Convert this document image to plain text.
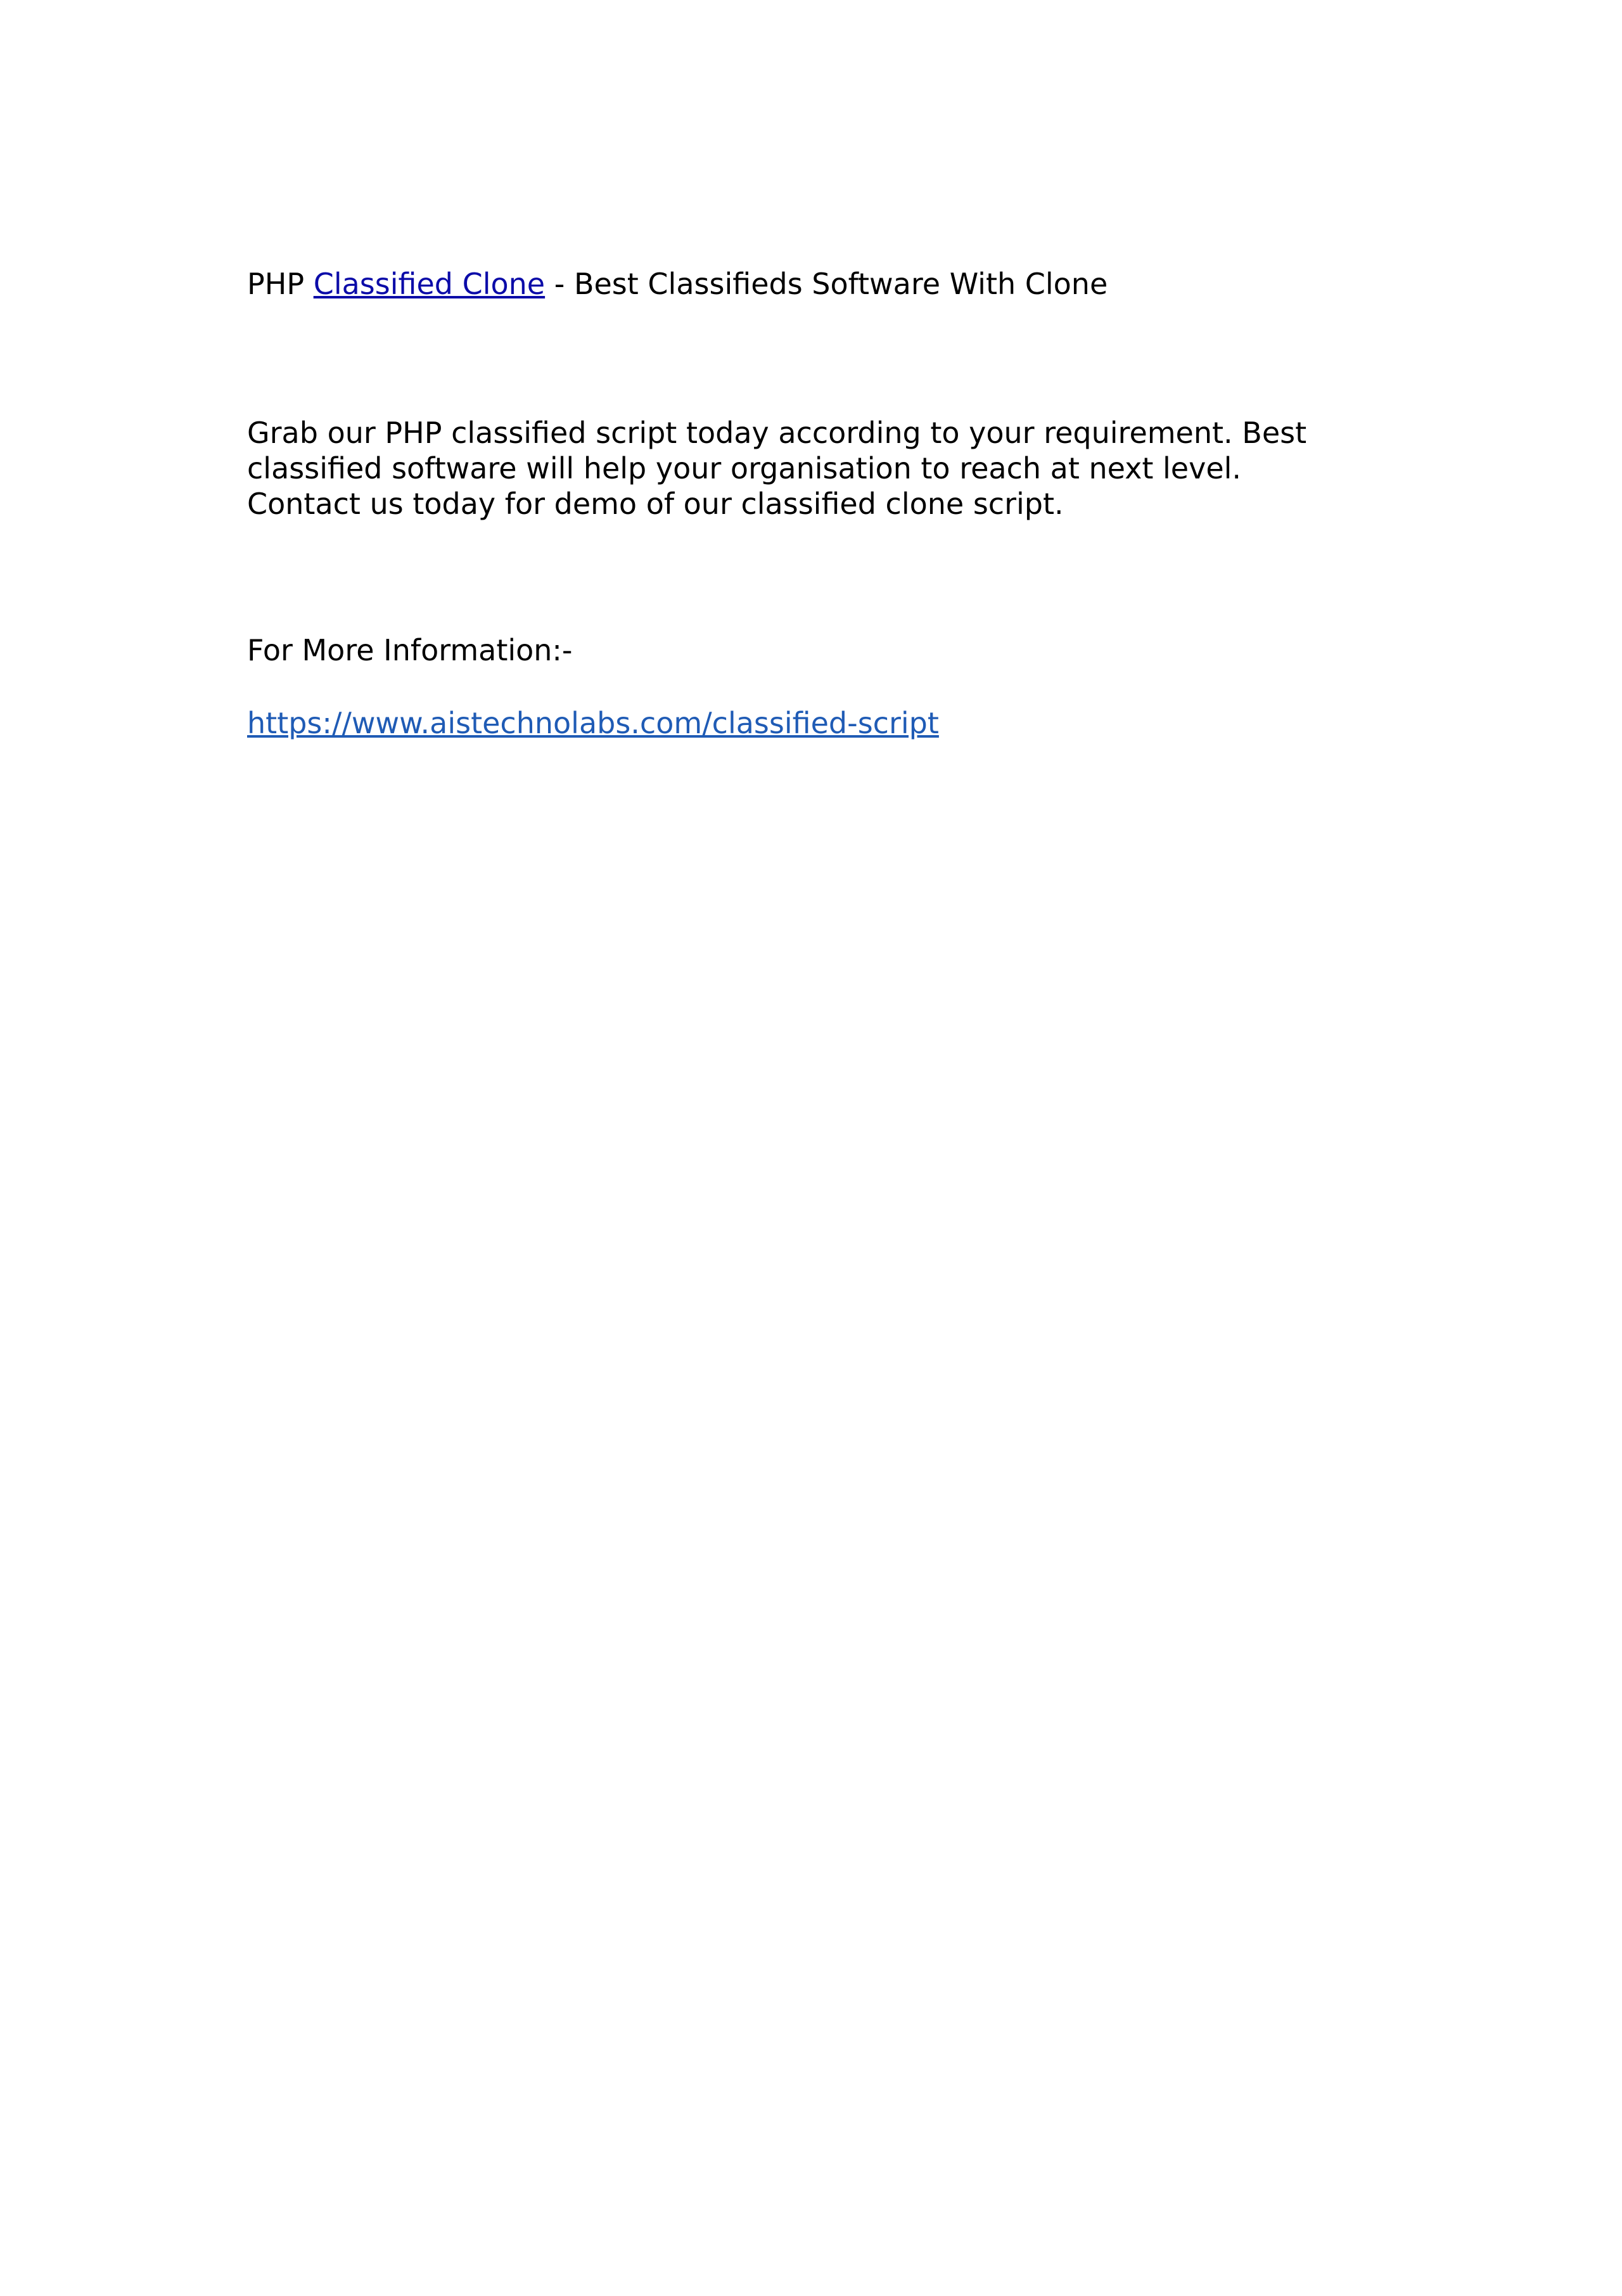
PHP Classified Clone - Best Classifieds Software With Clone
Grab our PHP classified script today according to your requirement. Best
classified software will help your organisation to reach at next level.
Contact us today for demo of our classified clone script.
For More Information:-
https://www.aistechnolabs.com/classified-script
